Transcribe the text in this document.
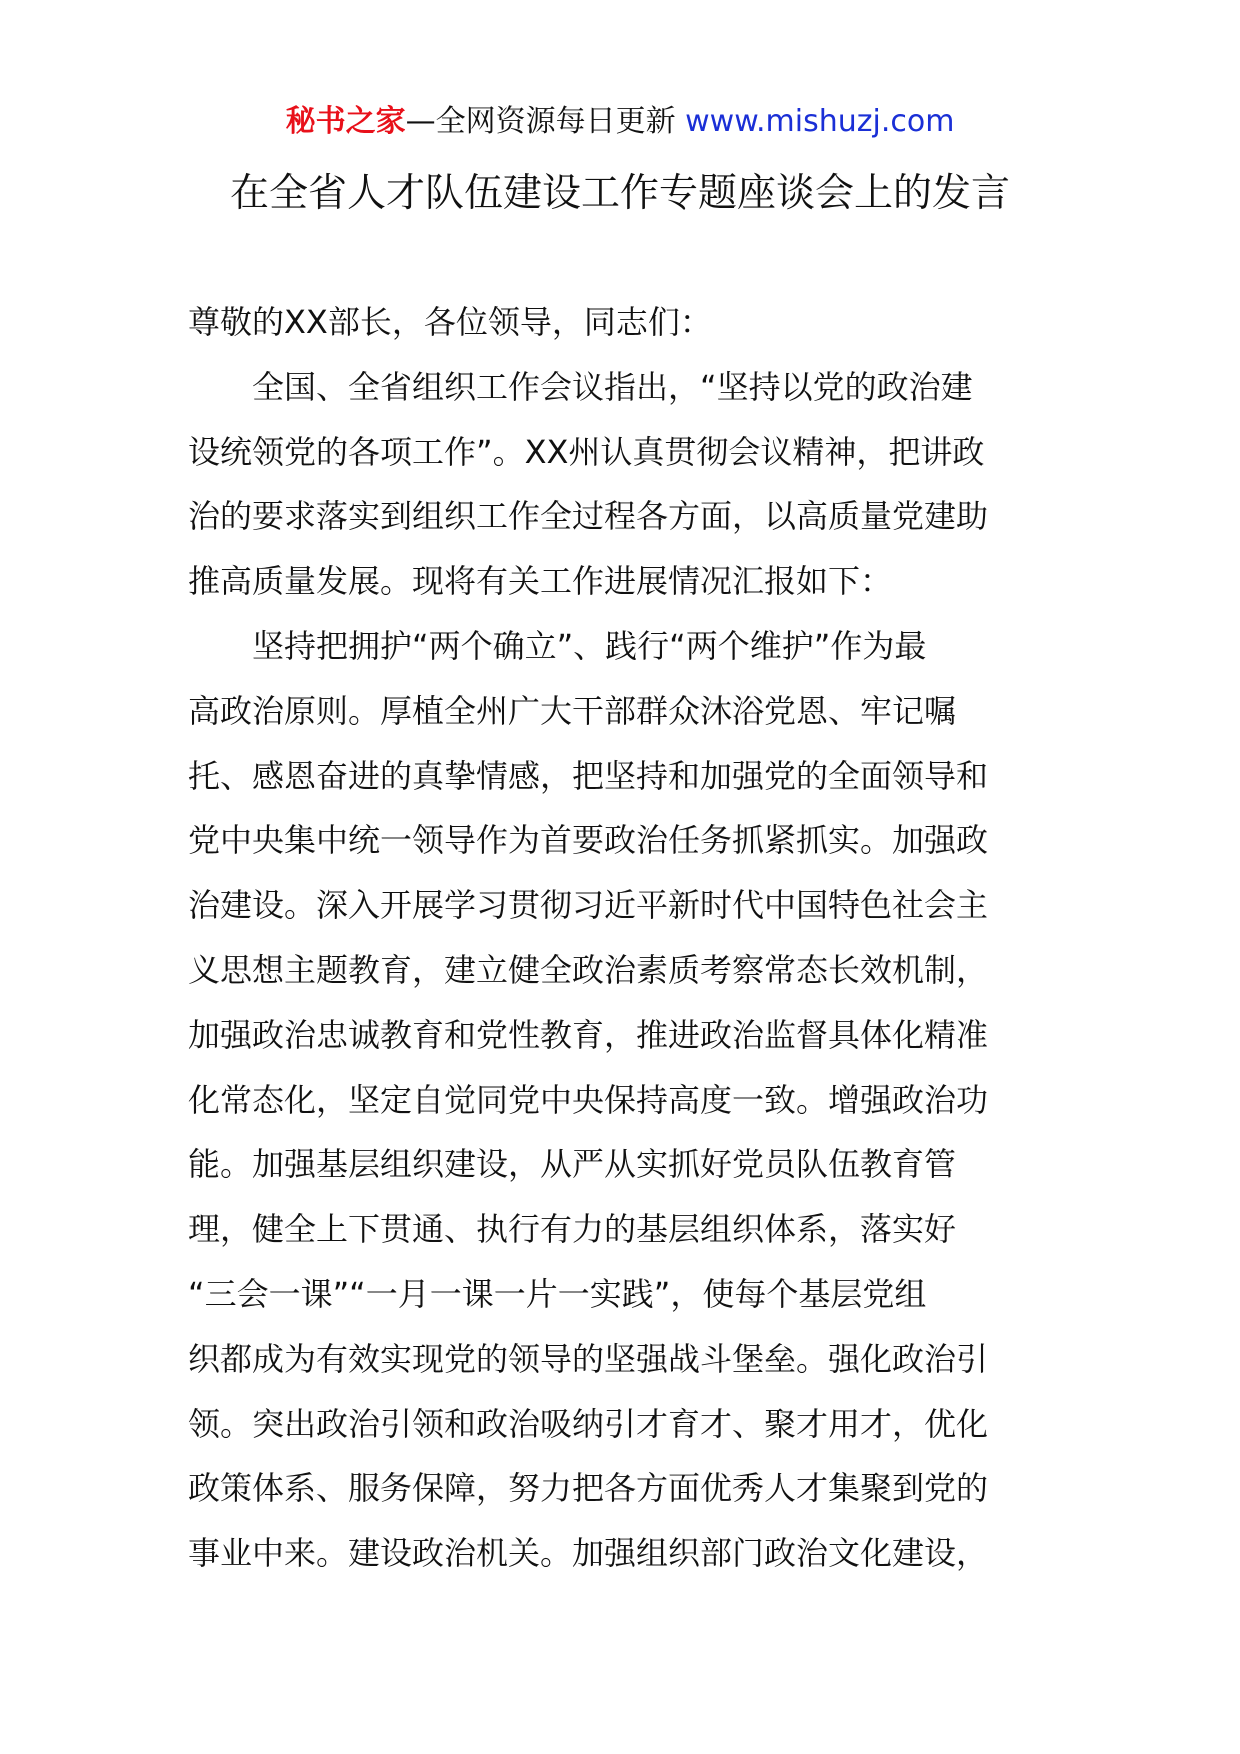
秘书之家—全网资源每日更新 www.mishuzj.com
在全省人才队伍建设工作专题座谈会上的发言
尊敬的XX部长，各位领导，同志们：
全国、全省组织工作会议指出，“坚持以党的政治建
设统领党的各项工作”。XX州认真贯彻会议精神，把讲政
治的要求落实到组织工作全过程各方面，以高质量党建助
推高质量发展。现将有关工作进展情况汇报如下：
坚持把拥护“两个确立”、践行“两个维护”作为最
高政治原则。厚植全州广大干部群众沐浴党恩、牢记嘱
托、感恩奋进的真挚情感，把坚持和加强党的全面领导和
党中央集中统一领导作为首要政治任务抓紧抓实。加强政
治建设。深入开展学习贯彻习近平新时代中国特色社会主
义思想主题教育，建立健全政治素质考察常态长效机制，
加强政治忠诚教育和党性教育，推进政治监督具体化精准
化常态化，坚定自觉同党中央保持高度一致。增强政治功
能。加强基层组织建设，从严从实抓好党员队伍教育管
理，健全上下贯通、执行有力的基层组织体系，落实好
“三会一课”“一月一课一片一实践”，使每个基层党组
织都成为有效实现党的领导的坚强战斗堡垒。强化政治引
领。突出政治引领和政治吸纳引才育才、聚才用才，优化
政策体系、服务保障，努力把各方面优秀人才集聚到党的
事业中来。建设政治机关。加强组织部门政治文化建设，
